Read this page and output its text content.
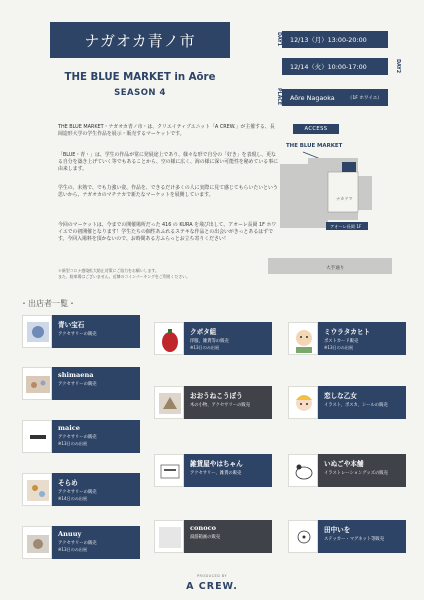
ナガオカ青ノ市
THE BLUE MARKET in Aōre
SEASON 4
DAY1 12/13（月）13:00-20:00
12/14（火）10:00-17:00	DAY2
PLACE Aōre Nagaoka	（1F ホワイエ）

THE BLUE MARKET・ナガオカ青ノ市・は、クリエイティブユニット「A CREW.」が主催する、長岡造形大学の学生作品を展示・販売するマーケットです。

「BLUE・青・」は、学生の作品が常に発展途上であり、様々な形で自分の「好き」を表現し、更なる自分を築き上げていく等でもあることから、空の様に広く、海の様に深い可能性を秘めている事に由来します。

学生の、未熟で、でも力強い姿、作品を、できるだけ多くの人に実際に見て感じてもらいたいという思いから、ナガオカのマチナカで新たなマーケットを展開しています。

今回のマーケットは、今までの開催場所だった 416 の KURA を飛び出して、アオーレ長岡 1F ホワイエでの初開催となります！学生たちの個性あふれるステキな作品との出会いがきっとあるはずです。今回入場料を頂かないので、お時間ある方ふらっとお立ち寄りください！

＊新型コロナ感染拡大防止対策にご協力をお願いします。
また、駐車場はございません。近隣のコインパーキングをご利用ください。

ACCESS
THE BLUE MARKET
アオーレ長岡 1F
ナカドマ
大手通り
・出店者一覧・
青い宝石
アクセサリーの販売
shimaena
アクセサリーの販売
maice
アクセサリーの販売
※13日のみ出展
そらめ
アクセサリーの販売
※14日のみ出展
Anuuy
アクセサリーの販売
※13日のみ出展
クボタ組
洋服、雑貨等の販売
※13日のみ出展
おおうねこうぼう
木の小物、アクセサリーの販売
雑貨屋やはちゃん
アクセサリー、雑貨の販売
conoco
湯游箱画の販売
ミウラタカヒト
ポストカード販売
※13日のみ出展
恋しな乙女
イラスト、ポスカ、シールの販売
いぬごや本舗
イラストレーショングッズの販売
田中いを
ステッカー・マグネット等販売
PRODUCED BY
A CREW.
